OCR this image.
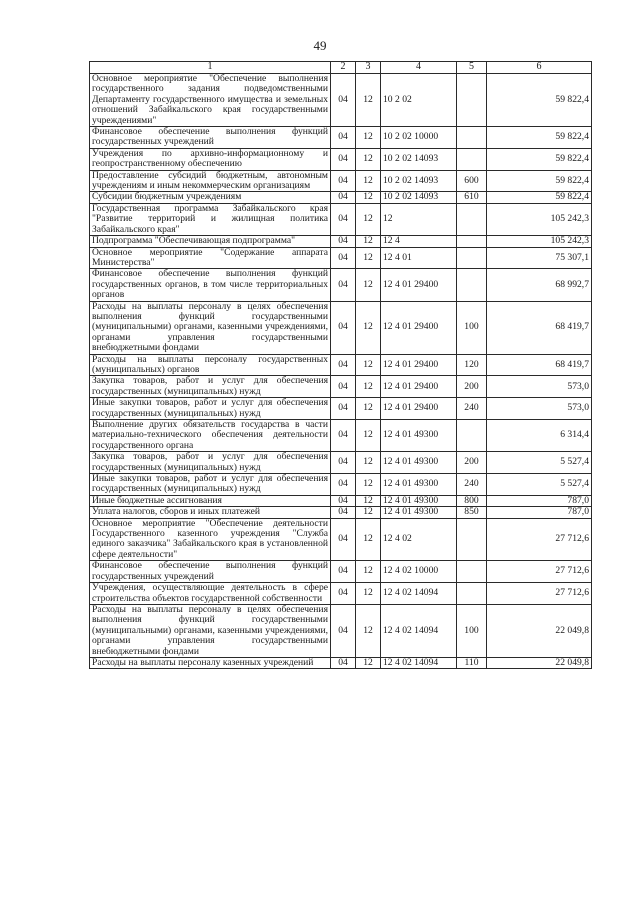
49
1	2	3	4	5	6
Основное мероприятие "Обеспечение выполнения государственного задания подведомственными Департаменту государственного имущества и земельных отношений Забайкальского края государственными учреждениями"	04	12	10 2 02		59 822,4
Финансовое обеспечение выполнения функций государственных учреждений	04	12	10 2 02 10000		59 822,4
Учреждения по архивно-информационному и геопространственному обеспечению	04	12	10 2 02 14093		59 822,4
Предоставление субсидий бюджетным, автономным учреждениям и иным некоммерческим организациям	04	12	10 2 02 14093	600	59 822,4
Субсидии бюджетным учреждениям	04	12	10 2 02 14093	610	59 822,4
Государственная программа Забайкальского края "Развитие территорий и жилищная политика Забайкальского края"	04	12	12		105 242,3
Подпрограмма "Обеспечивающая подпрограмма"	04	12	12 4		105 242,3
Основное мероприятие "Содержание аппарата Министерства"	04	12	12 4 01		75 307,1
Финансовое обеспечение выполнения функций государственных органов, в том числе территориальных органов	04	12	12 4 01 29400		68 992,7
Расходы на выплаты персоналу в целях обеспечения выполнения функций государственными (муниципальными) органами, казенными учреждениями, органами управления государственными внебюджетными фондами	04	12	12 4 01 29400	100	68 419,7
Расходы на выплаты персоналу государственных (муниципальных) органов	04	12	12 4 01 29400	120	68 419,7
Закупка товаров, работ и услуг для обеспечения государственных (муниципальных) нужд	04	12	12 4 01 29400	200	573,0
Иные закупки товаров, работ и услуг для обеспечения государственных (муниципальных) нужд	04	12	12 4 01 29400	240	573,0
Выполнение других обязательств государства в части материально-технического обеспечения деятельности государственного органа	04	12	12 4 01 49300		6 314,4
Закупка товаров, работ и услуг для обеспечения государственных (муниципальных) нужд	04	12	12 4 01 49300	200	5 527,4
Иные закупки товаров, работ и услуг для обеспечения государственных (муниципальных) нужд	04	12	12 4 01 49300	240	5 527,4
Иные бюджетные ассигнования	04	12	12 4 01 49300	800	787,0
Уплата налогов, сборов и иных платежей	04	12	12 4 01 49300	850	787,0
Основное мероприятие "Обеспечение деятельности Государственного казенного учреждения "Служба единого заказчика" Забайкальского края в установленной сфере деятельности"	04	12	12 4 02		27 712,6
Финансовое обеспечение выполнения функций государственных учреждений	04	12	12 4 02 10000		27 712,6
Учреждения, осуществляющие деятельность в сфере строительства объектов государственной собственности	04	12	12 4 02 14094		27 712,6
Расходы на выплаты персоналу в целях обеспечения выполнения функций государственными (муниципальными) органами, казенными учреждениями, органами управления государственными внебюджетными фондами	04	12	12 4 02 14094	100	22 049,8
Расходы на выплаты персоналу казенных учреждений	04	12	12 4 02 14094	110	22 049,8
